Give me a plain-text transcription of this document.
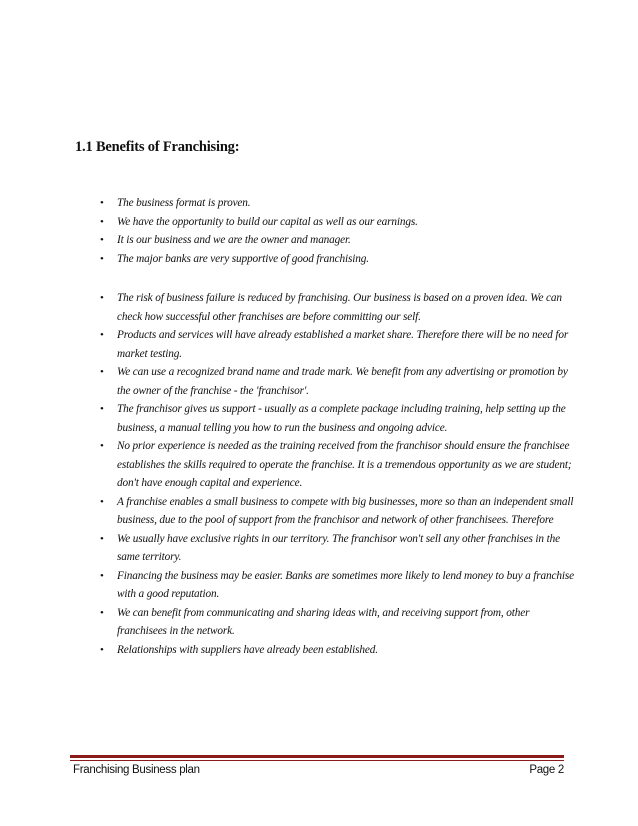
1.1 Benefits of Franchising:
• The business format is proven.
• We have the opportunity to build our capital as well as our earnings.
• It is our business and we are the owner and manager.
• The major banks are very supportive of good franchising.
• The risk of business failure is reduced by franchising. Our business is based on a proven idea. We can check how successful other franchises are before committing our self.
• Products and services will have already established a market share. Therefore there will be no need for market testing.
• We can use a recognized brand name and trade mark. We benefit from any advertising or promotion by the owner of the franchise - the 'franchisor'.
• The franchisor gives us support - usually as a complete package including training, help setting up the business, a manual telling you how to run the business and ongoing advice.
• No prior experience is needed as the training received from the franchisor should ensure the franchisee establishes the skills required to operate the franchise. It is a tremendous opportunity as we are student; don't have enough capital and experience.
• A franchise enables a small business to compete with big businesses, more so than an independent small business, due to the pool of support from the franchisor and network of other franchisees. Therefore
• We usually have exclusive rights in our territory. The franchisor won't sell any other franchises in the same territory.
• Financing the business may be easier. Banks are sometimes more likely to lend money to buy a franchise with a good reputation.
• We can benefit from communicating and sharing ideas with, and receiving support from, other franchisees in the network.
• Relationships with suppliers have already been established.
Franchising Business plan	Page 2
